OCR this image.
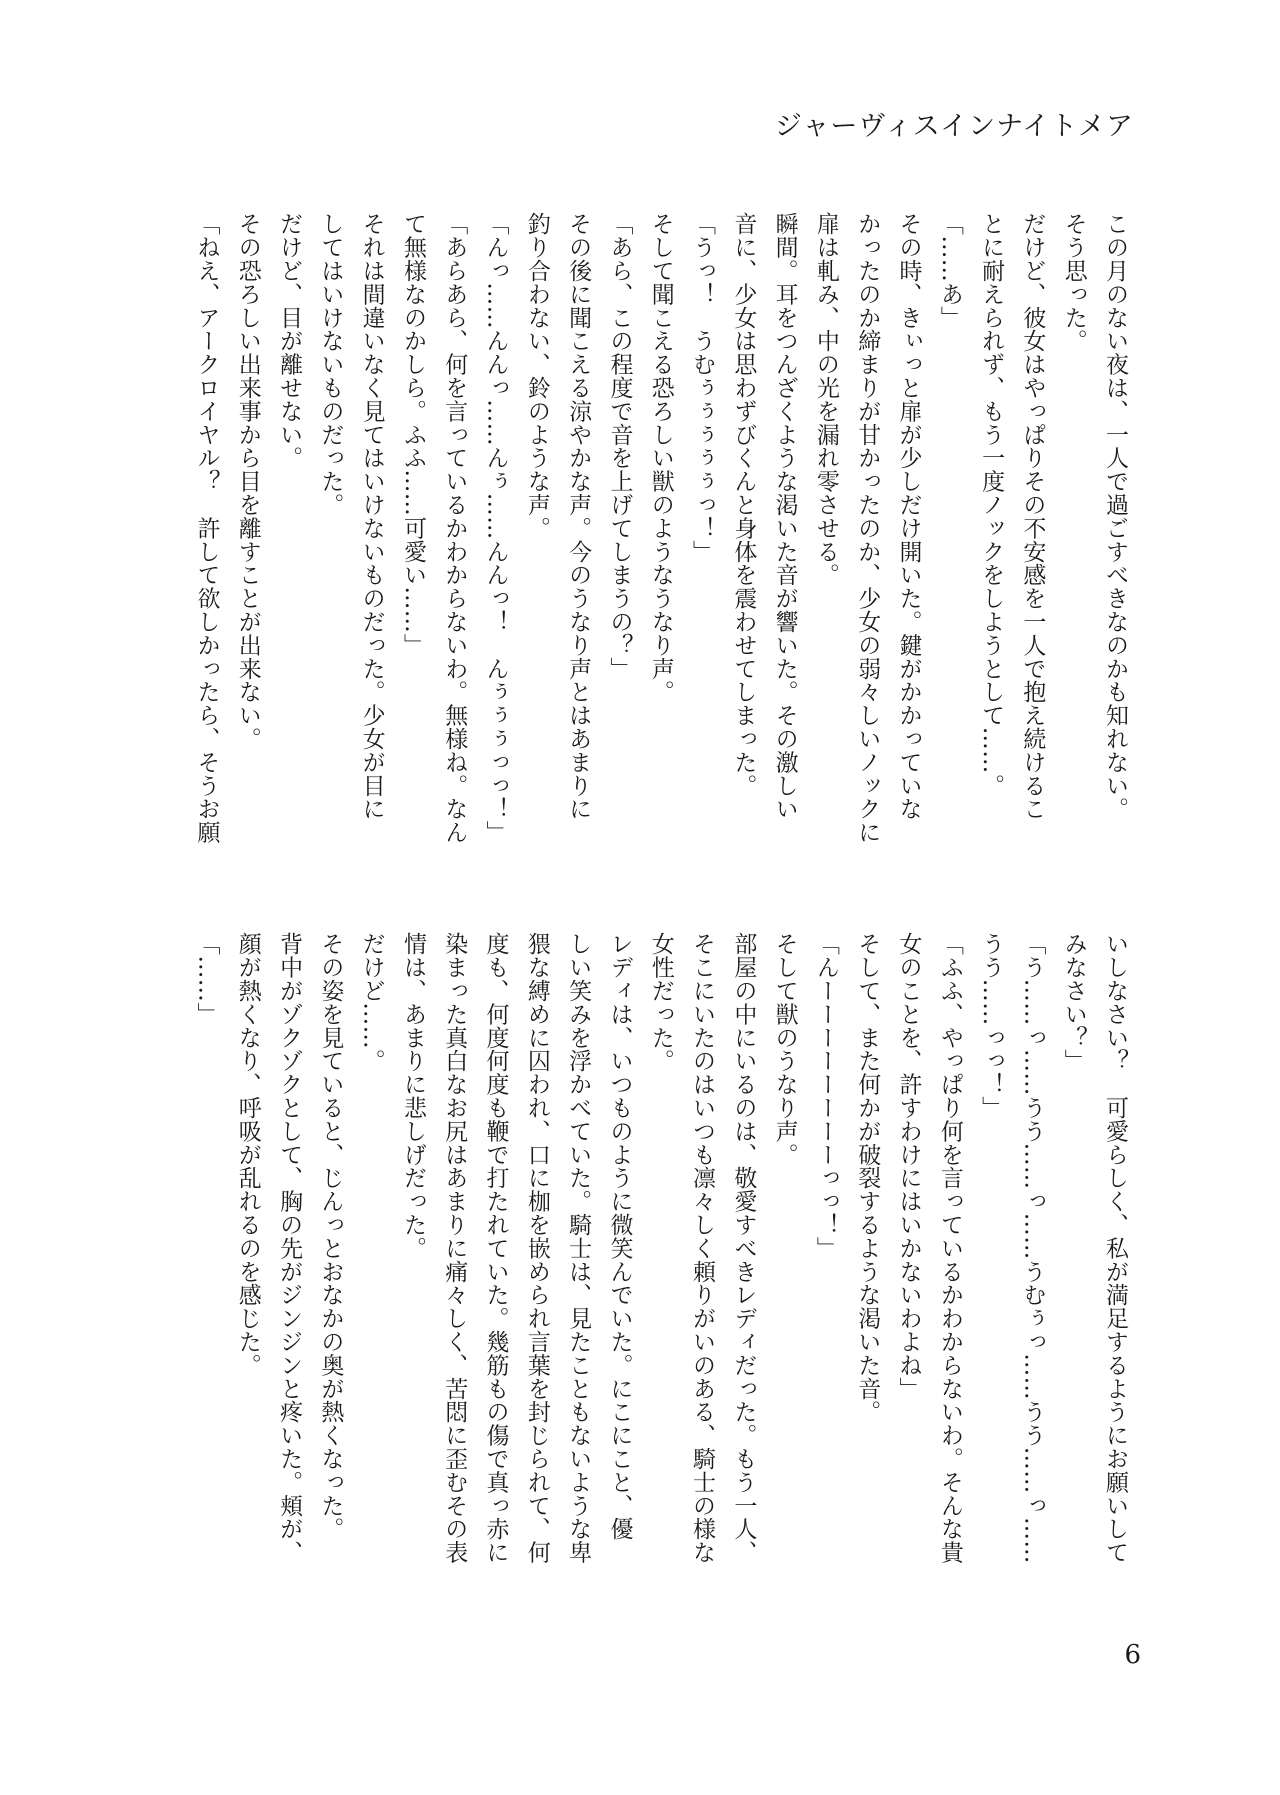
ジャーヴィスインナイトメア
この月のない夜は、一人で過ごすべきなのかも知れない。
そう思った。
だけど、彼女はやっぱりその不安感を一人で抱え続けるこ
とに耐えられず、もう一度ノックをしようとして……。
「……あ」
その時、きぃっと扉が少しだけ開いた。鍵がかかっていな
かったのか締まりが甘かったのか、少女の弱々しいノックに
扉は軋み、中の光を漏れ零させる。
瞬間。耳をつんざくような渇いた音が響いた。その激しい
音に、少女は思わずびくんと身体を震わせてしまった。
「うっ！　うむぅぅぅぅぅっ！」
そして聞こえる恐ろしい獣のようなうなり声。
「あら、この程度で音を上げてしまうの？」
その後に聞こえる涼やかな声。今のうなり声とはあまりに
釣り合わない、鈴のような声。
「んっ……んんっ……んぅ……んんっ！　んぅぅぅっっ！」
「あらあら、何を言っているかわからないわ。無様ね。なん
て無様なのかしら。ふふ……可愛い……」
それは間違いなく見てはいけないものだった。少女が目に
してはいけないものだった。
だけど、目が離せない。
その恐ろしい出来事から目を離すことが出来ない。
「ねえ、アークロイヤル？　許して欲しかったら、そうお願
いしなさい？　可愛らしく、私が満足するようにお願いして
みなさい？」
「う……っ……うう……っ……うむぅっ……うう……っ……
うう……っっ！」
「ふふ、やっぱり何を言っているかわからないわ。そんな貴
女のことを、許すわけにはいかないわよね」
そして、また何かが破裂するような渇いた音。
「んーーーーーーーーっっ！」
そして獣のうなり声。
部屋の中にいるのは、敬愛すべきレディだった。もう一人、
そこにいたのはいつも凛々しく頼りがいのある、騎士の様な
女性だった。
レディは、いつものように微笑んでいた。にこにこと、優
しい笑みを浮かべていた。騎士は、見たこともないような卑
猥な縛めに囚われ、口に枷を嵌められ言葉を封じられて、何
度も、何度何度も鞭で打たれていた。幾筋もの傷で真っ赤に
染まった真白なお尻はあまりに痛々しく、苦悶に歪むその表
情は、あまりに悲しげだった。
だけど……。
その姿を見ていると、じんっとおなかの奥が熱くなった。
背中がゾクゾクとして、胸の先がジンジンと疼いた。頬が、
顔が熱くなり、呼吸が乱れるのを感じた。
「……」
6
